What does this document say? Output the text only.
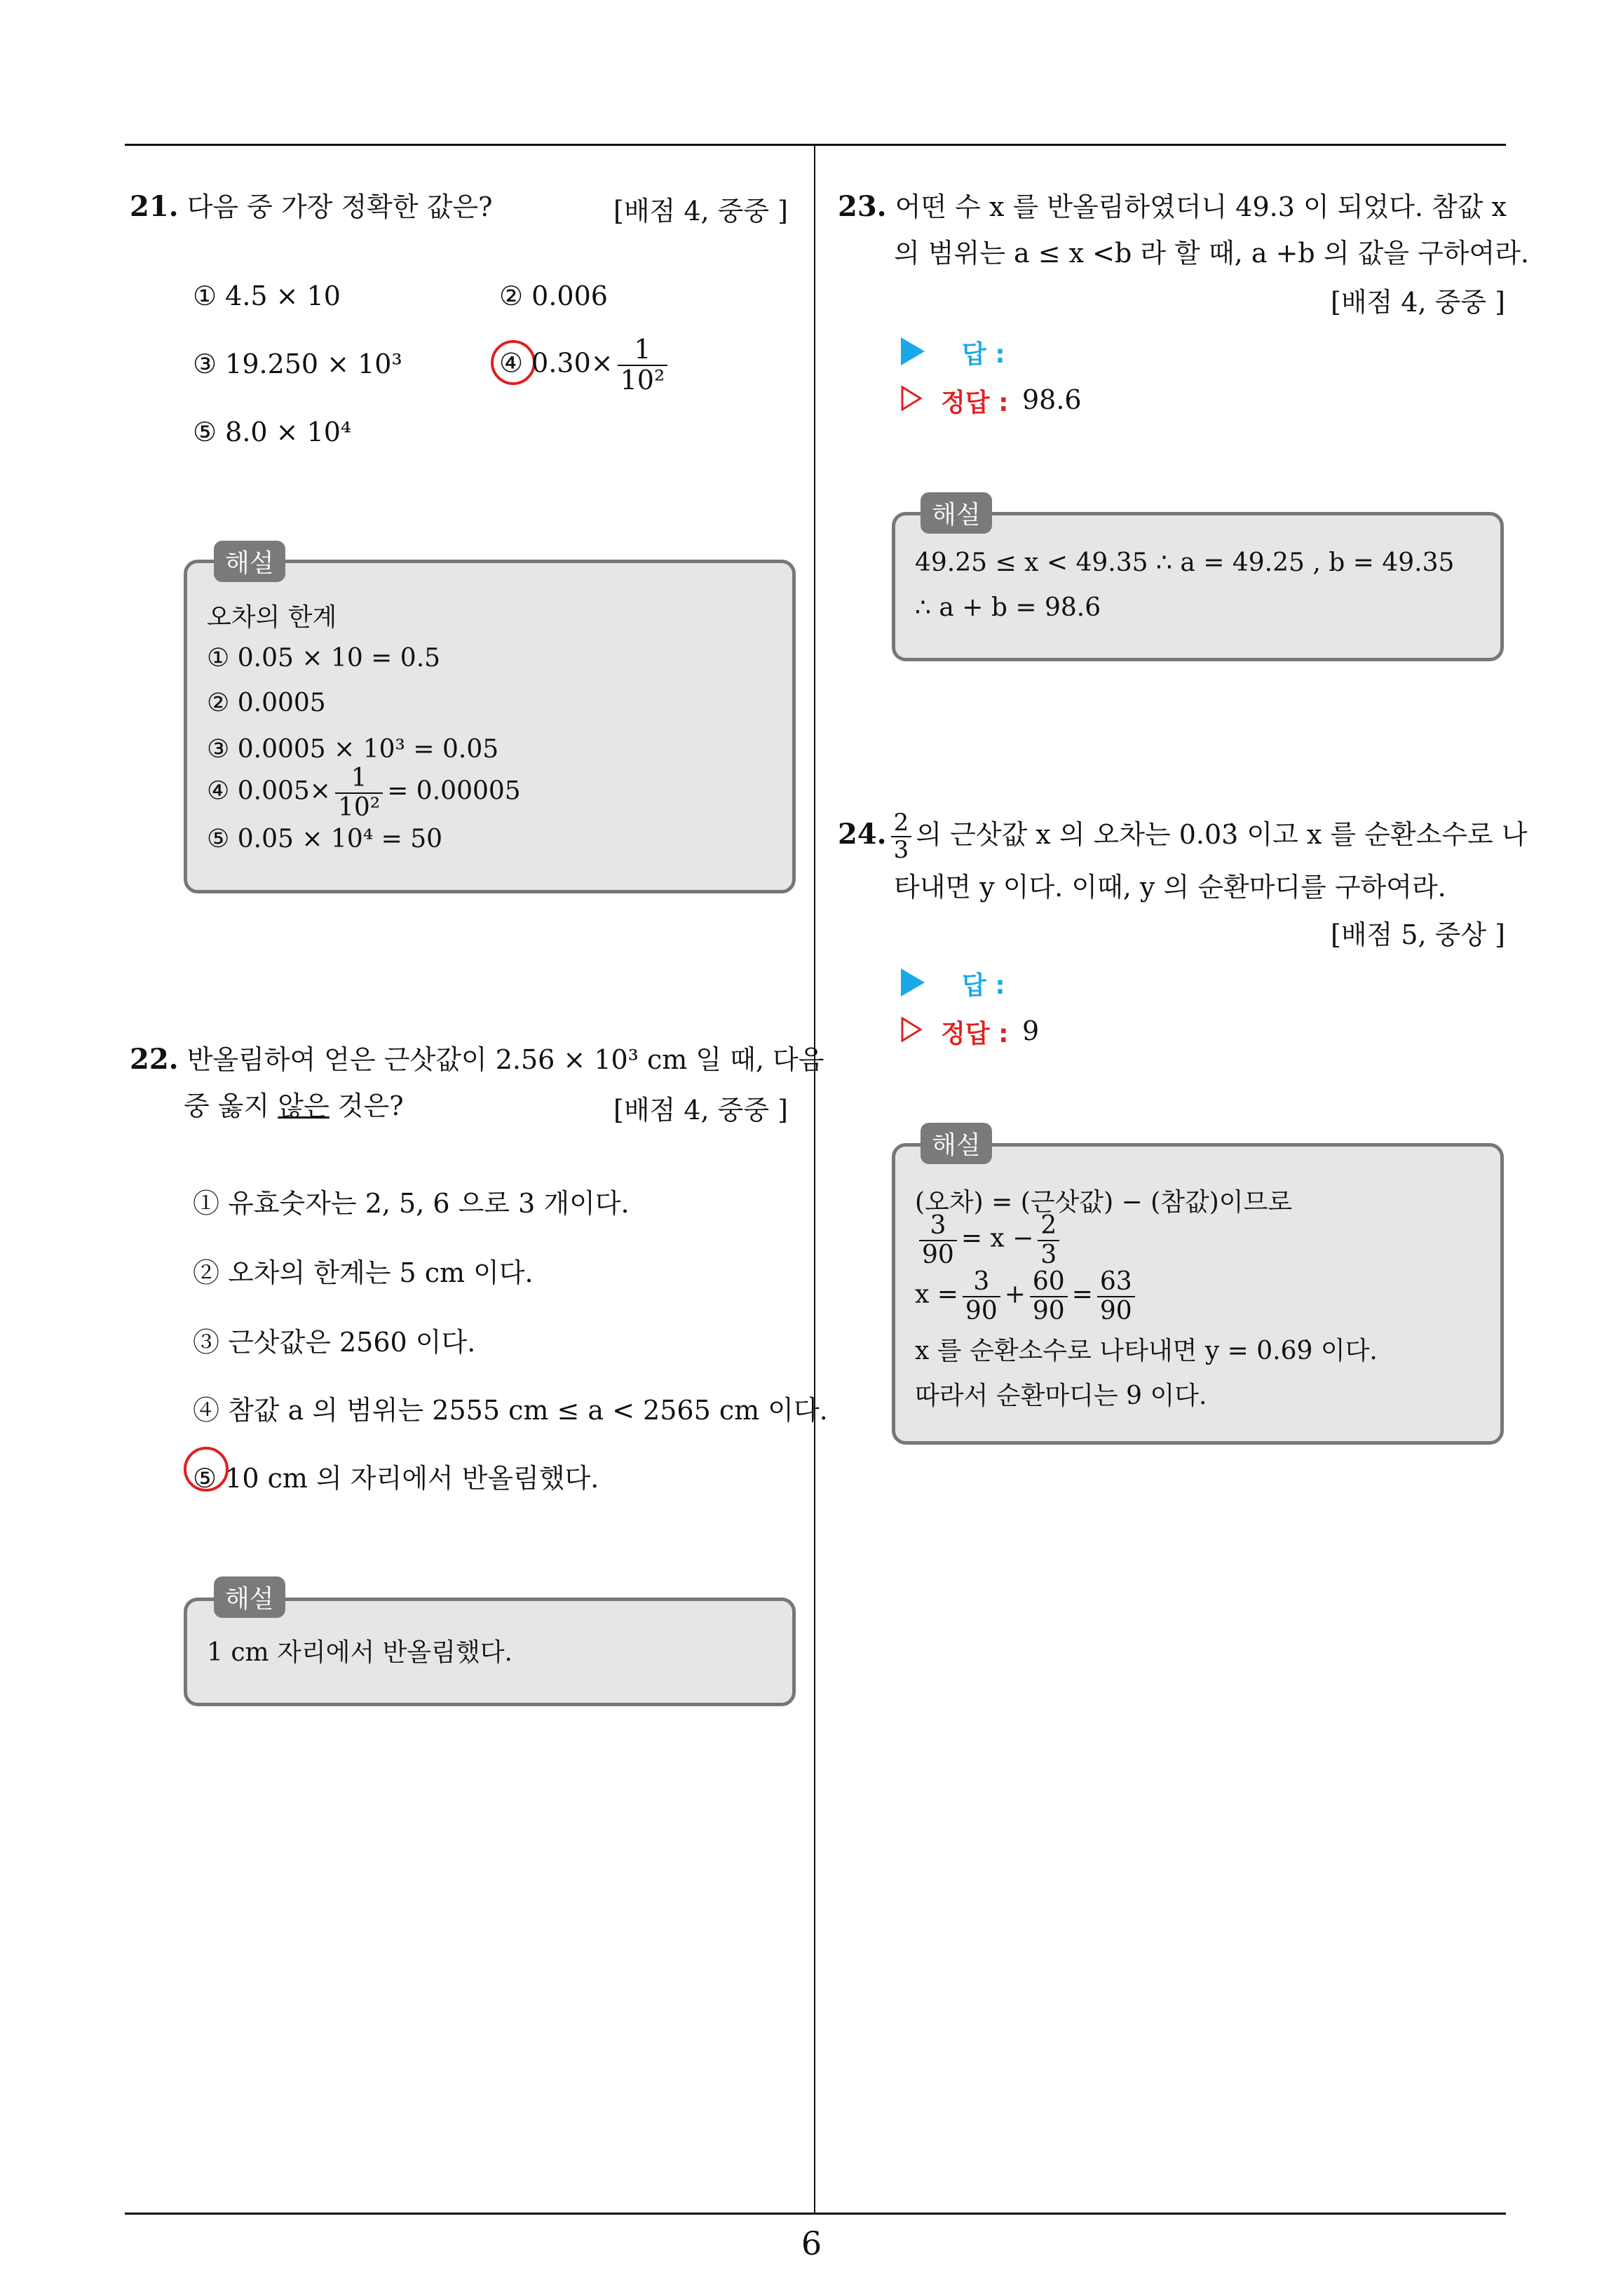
6
21. 다음 중 가장 정확한 값은?	[배점 4, 중중 ]
① 4.5 × 10	② 0.006
③ 19.250 × 10³	④ $0.30\times \frac{1}{\text{10²}}$
⑤ 8.0 × 10⁴
해설
오차의 한계
① 0.05 × 10 = 0.5
② 0.0005
③ 0.0005 × 10³ = 0.05
④ $0.005\times \frac{1}{\text{10²}} = 0.00005$
⑤ 0.05 × 10⁴ = 50
22. 반올림하여 얻은 근삿값이 2.56 × 10³ cm 일 때, 다음
중 옳지 않은 것은?	[배점 4, 중중 ]
① 유효숫자는 2, 5, 6 으로 3 개이다.
② 오차의 한계는 5 cm 이다.
③ 근삿값은 2560 이다.
④ 참값 a 의 범위는 2555 cm ≤ a < 2565 cm 이다.
⑤ 10 cm 의 자리에서 반올림했다.
해설
1 cm 자리에서 반올림했다.
23. 어떤 수 x 를 반올림하였더니 49.3 이 되었다. 참값 x
의 범위는 a ≤ x <b 라 할 때, a +b 의 값을 구하여라.
[배점 4, 중중 ]
답 :
정답 : 98.6
해설
49.25 ≤ x < 49.35 ∴ a = 49.25 , b = 49.35
∴ a + b = 98.6
24. $\frac{2}{3}$ 의 근삿값 x 의 오차는 0.03̇ 이고 x 를 순환소수로 나
타내면 y 이다. 이때, y 의 순환마디를 구하여라.
[배점 5, 중상 ]
답 :
정답 : 9
해설
(오차) = (근삿값) − (참값)이므로
$\frac{3}{90} = x - \frac{2}{3}$
$x = \frac{3}{90} + \frac{60}{90} = \frac{63}{90}$
x 를 순환소수로 나타내면 y = 0.69̇ 이다.
따라서 순환마디는 9 이다.
